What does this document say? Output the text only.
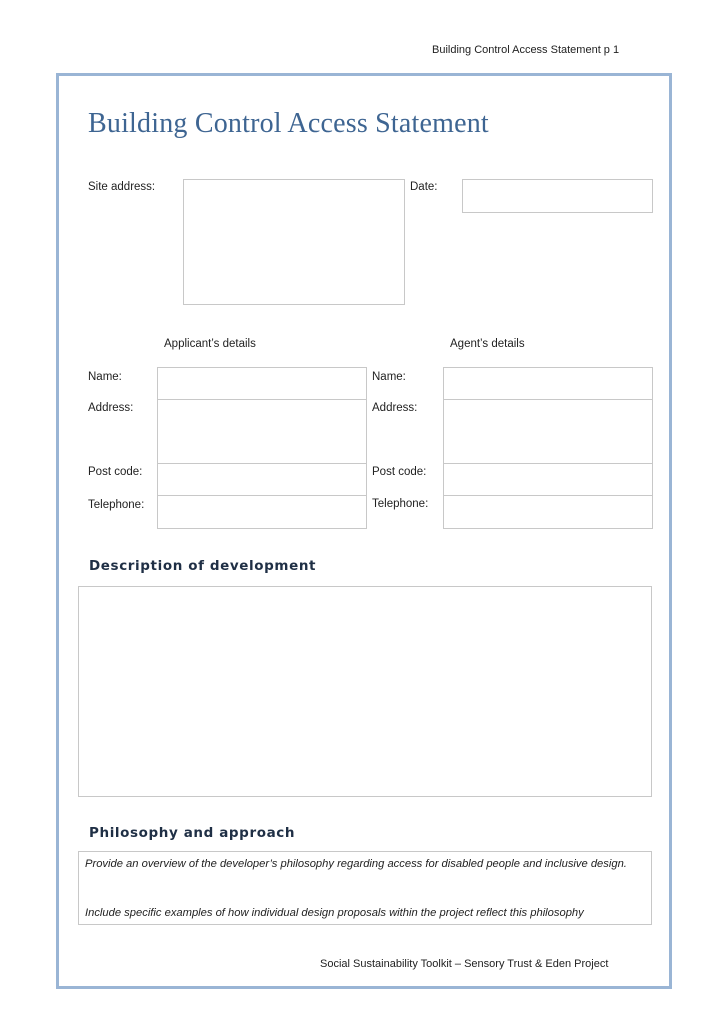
Building Control Access Statement p 1
Building Control Access Statement
Site address:	Date:
Applicant’s details	Agent’s details
Name:
Address:
Post code:
Telephone:
Name:
Address:
Post code:
Telephone:
Description of development
Philosophy and approach
Provide an overview of the developer’s philosophy regarding access for disabled people and inclusive design.
Include specific examples of how individual design proposals within the project reflect this philosophy
Social Sustainability Toolkit – Sensory Trust & Eden Project
